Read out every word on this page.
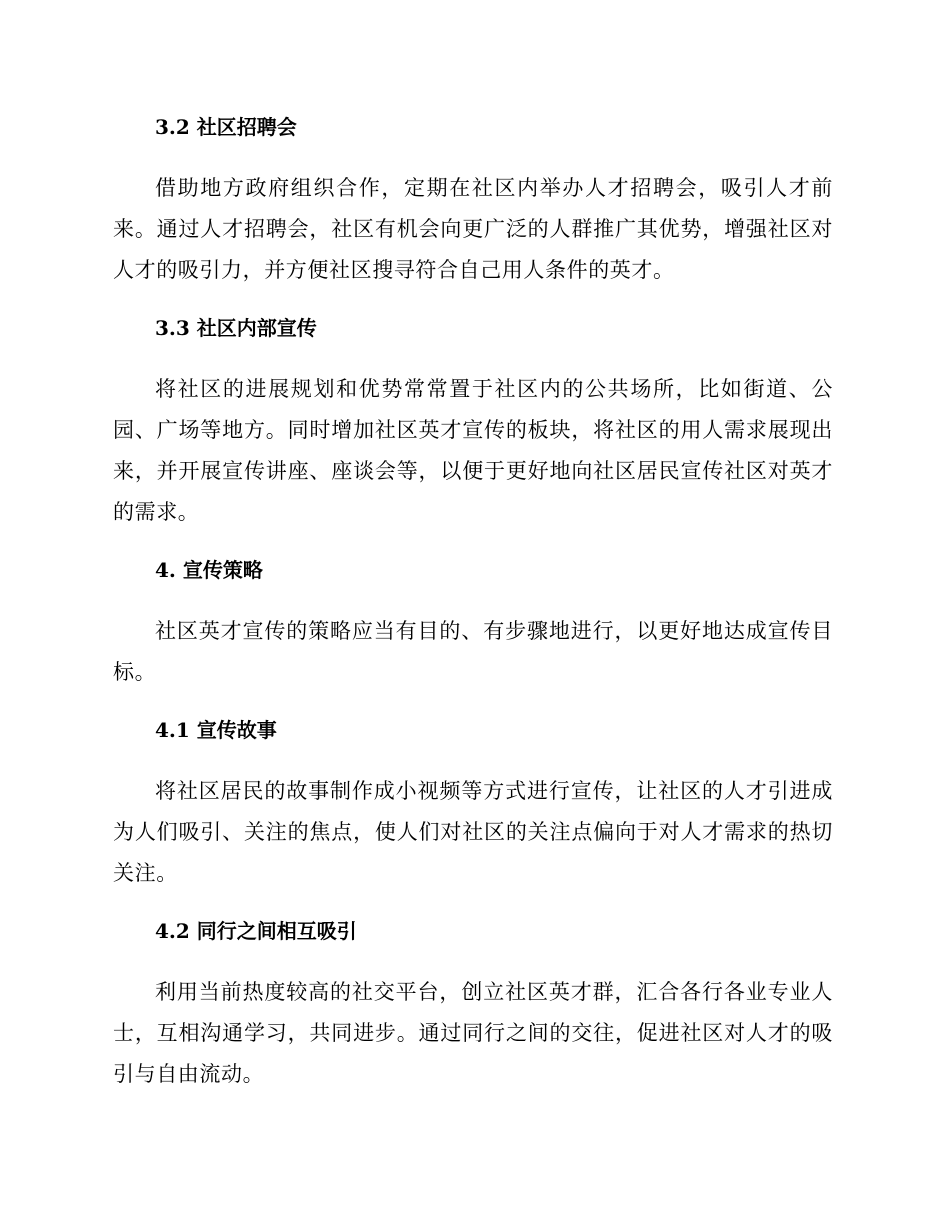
3.2 社区招聘会

借助地方政府组织合作，定期在社区内举办人才招聘会，吸引人才前来。通过人才招聘会，社区有机会向更广泛的人群推广其优势，增强社区对人才的吸引力，并方便社区搜寻符合自己用人条件的英才。

3.3 社区内部宣传

将社区的进展规划和优势常常置于社区内的公共场所，比如街道、公园、广场等地方。同时增加社区英才宣传的板块，将社区的用人需求展现出来，并开展宣传讲座、座谈会等，以便于更好地向社区居民宣传社区对英才的需求。

4. 宣传策略

社区英才宣传的策略应当有目的、有步骤地进行，以更好地达成宣传目标。

4.1 宣传故事

将社区居民的故事制作成小视频等方式进行宣传，让社区的人才引进成为人们吸引、关注的焦点，使人们对社区的关注点偏向于对人才需求的热切关注。

4.2 同行之间相互吸引

利用当前热度较高的社交平台，创立社区英才群，汇合各行各业专业人士，互相沟通学习，共同进步。通过同行之间的交往，促进社区对人才的吸引与自由流动。
